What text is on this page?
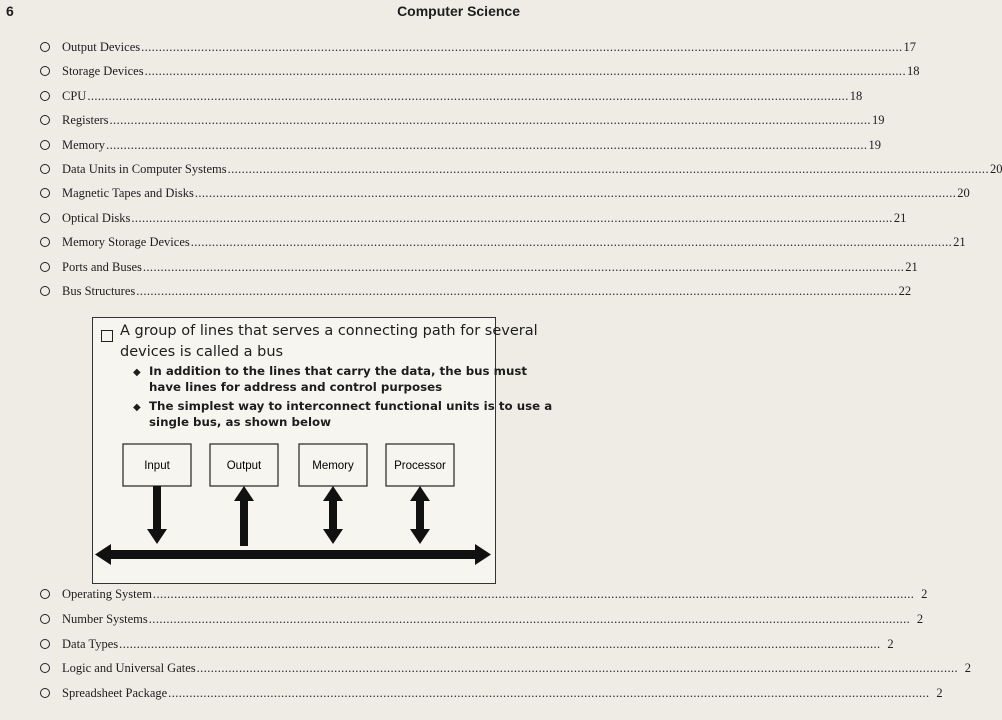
6	Computer Science
Output Devices .....	17
Storage Devices .....	18
CPU .....	18
Registers .....	19
Memory .....	19
Data Units in Computer Systems .....	20
Magnetic Tapes and Disks .....	20
Optical Disks .....	21
Memory Storage Devices .....	21
Ports and Buses .....	21
Bus Structures .....	22
A group of lines that serves a connecting path for several
devices is called a bus
◆ In addition to the lines that carry the data, the bus must
have lines for address and control purposes
◆ The simplest way to interconnect functional units is to use a
single bus, as shown below
Input	Output	Memory	Processor
Operating System .....	2
Number Systems .....	2
Data Types .....	2
Logic and Universal Gates .....	2
Spreadsheet Package .....	2
